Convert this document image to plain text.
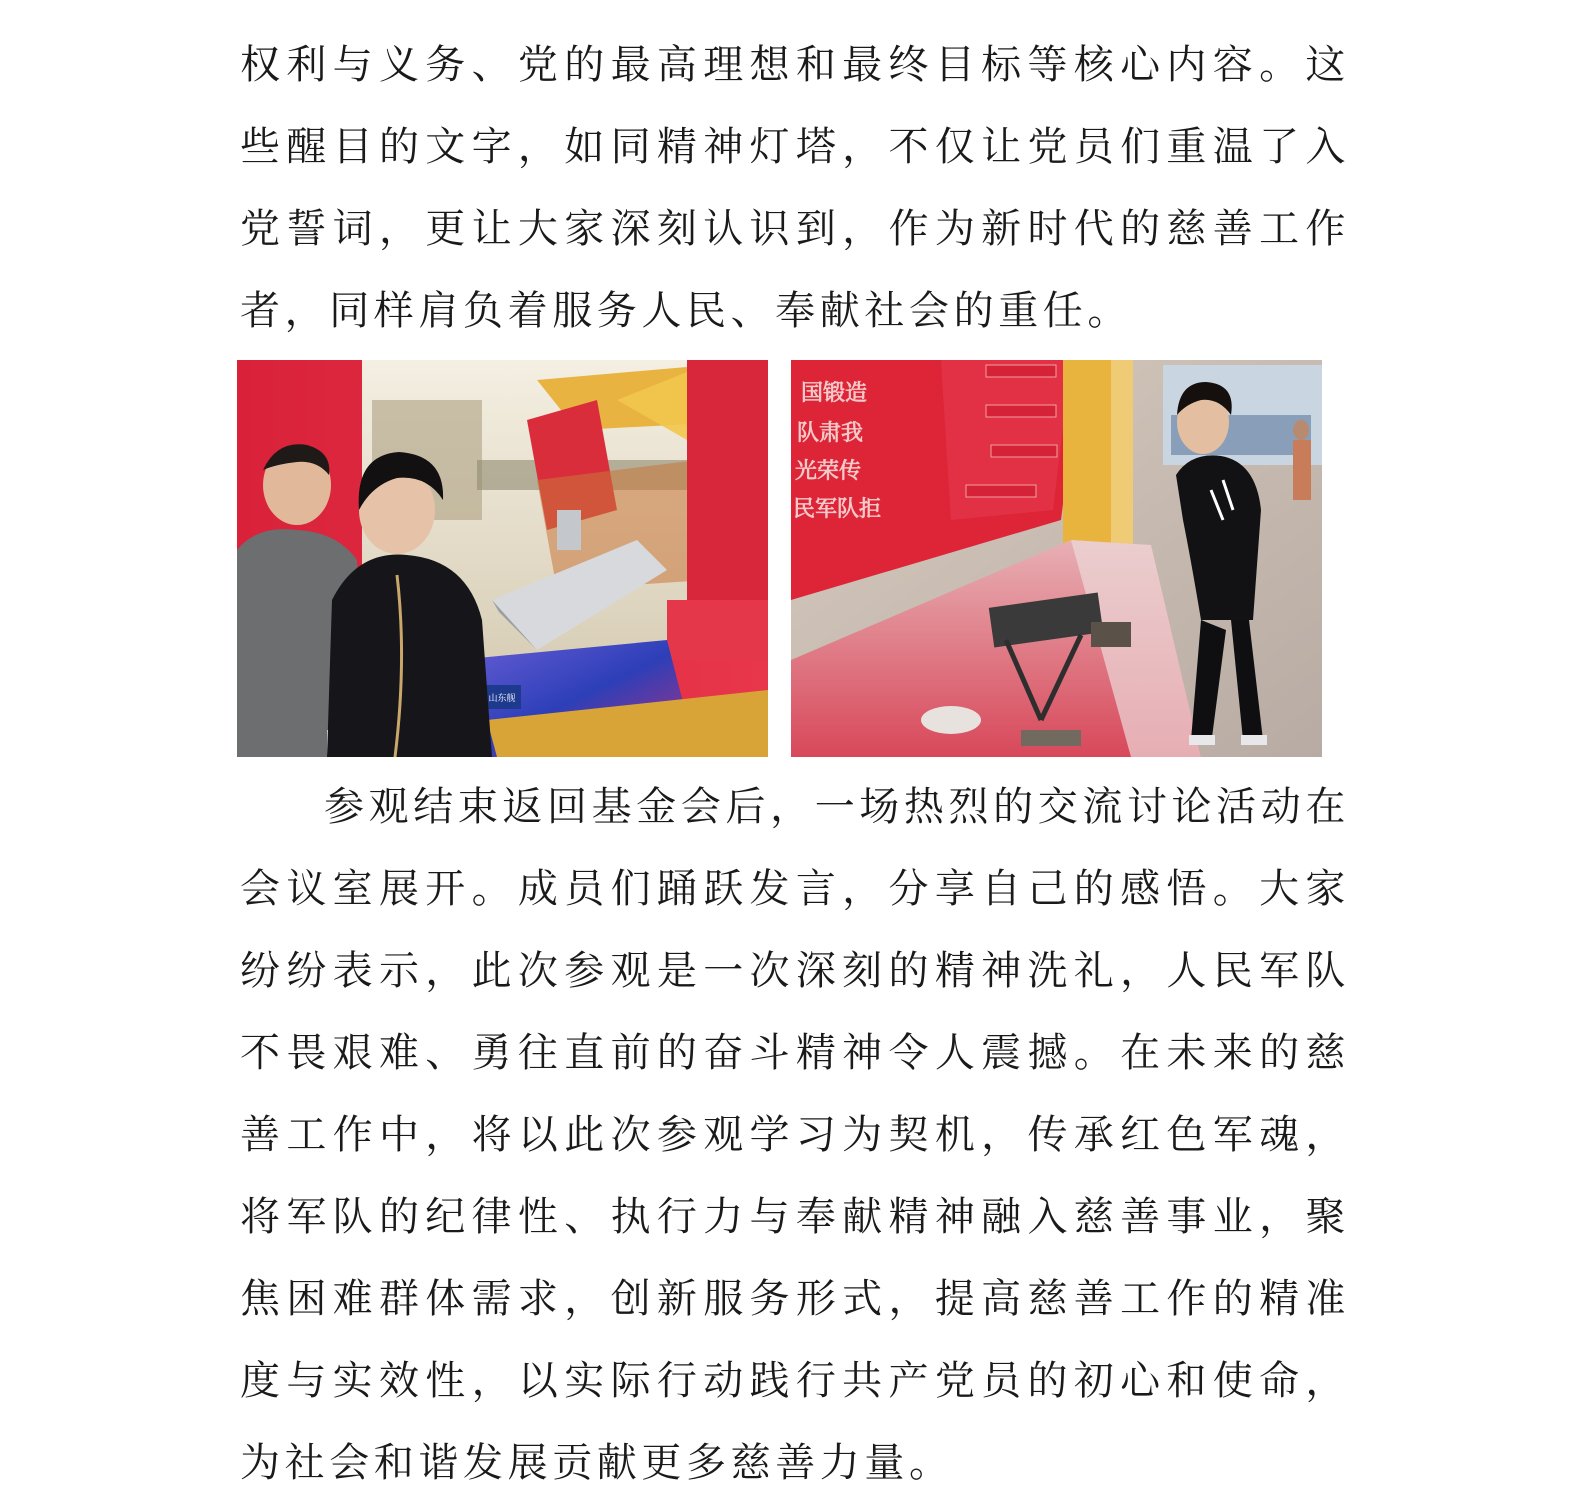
权利与义务、党的最高理想和最终目标等核心内容。这些醒目的文字，如同精神灯塔，不仅让党员们重温了入党誓词，更让大家深刻认识到，作为新时代的慈善工作者，同样肩负着服务人民、奉献社会的重任。

山东舰
国锻造
队肃我
光荣传
民军队拒

参观结束返回基金会后，一场热烈的交流讨论活动在会议室展开。成员们踊跃发言，分享自己的感悟。大家纷纷表示，此次参观是一次深刻的精神洗礼，人民军队不畏艰难、勇往直前的奋斗精神令人震撼。在未来的慈善工作中，将以此次参观学习为契机，传承红色军魂，将军队的纪律性、执行力与奉献精神融入慈善事业，聚焦困难群体需求，创新服务形式，提高慈善工作的精准度与实效性，以实际行动践行共产党员的初心和使命，为社会和谐发展贡献更多慈善力量。
